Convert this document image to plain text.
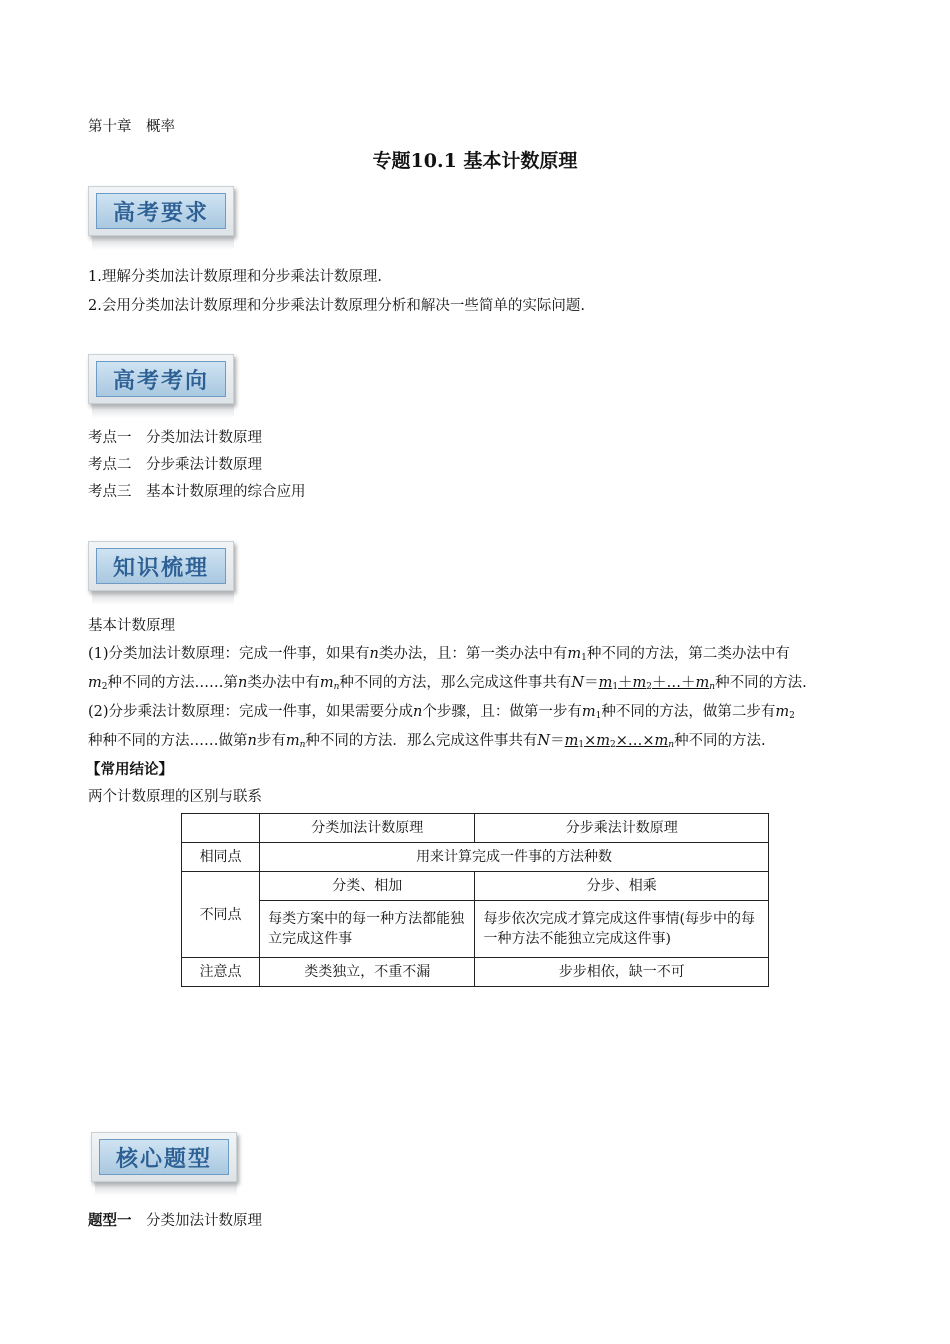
第十章　概率
专题10.1 基本计数原理
高考要求
1.理解分类加法计数原理和分步乘法计数原理.
2.会用分类加法计数原理和分步乘法计数原理分析和解决一些简单的实际问题.
高考考向
考点一　分类加法计数原理
考点二　分步乘法计数原理
考点三　基本计数原理的综合应用
知识梳理
基本计数原理
(1)分类加法计数原理：完成一件事，如果有n类办法，且：第一类办法中有$m_1$种不同的方法，第二类办法中有
$m_2$种不同的方法……第n类办法中有$m_n$种不同的方法，那么完成这件事共有$N=m_1+m_2+\dots+m_n$种不同的方法.
(2)分步乘法计数原理：完成一件事，如果需要分成n个步骤，且：做第一步有$m_1$种不同的方法，做第二步有$m_2$
种种不同的方法……做第n步有$m_n$种不同的方法．那么完成这件事共有$N=m_1\times m_2\times\dots\times m_n$种不同的方法.
【常用结论】
两个计数原理的区别与联系
	分类加法计数原理	分步乘法计数原理
相同点	用来计算完成一件事的方法种数	
不同点	分类、相加	分步、相乘
	每类方案中的每一种方法都能独立完成这件事	每步依次完成才算完成这件事情(每步中的每一种方法不能独立完成这件事)
注意点	类类独立，不重不漏	步步相依，缺一不可
核心题型
题型一　分类加法计数原理
